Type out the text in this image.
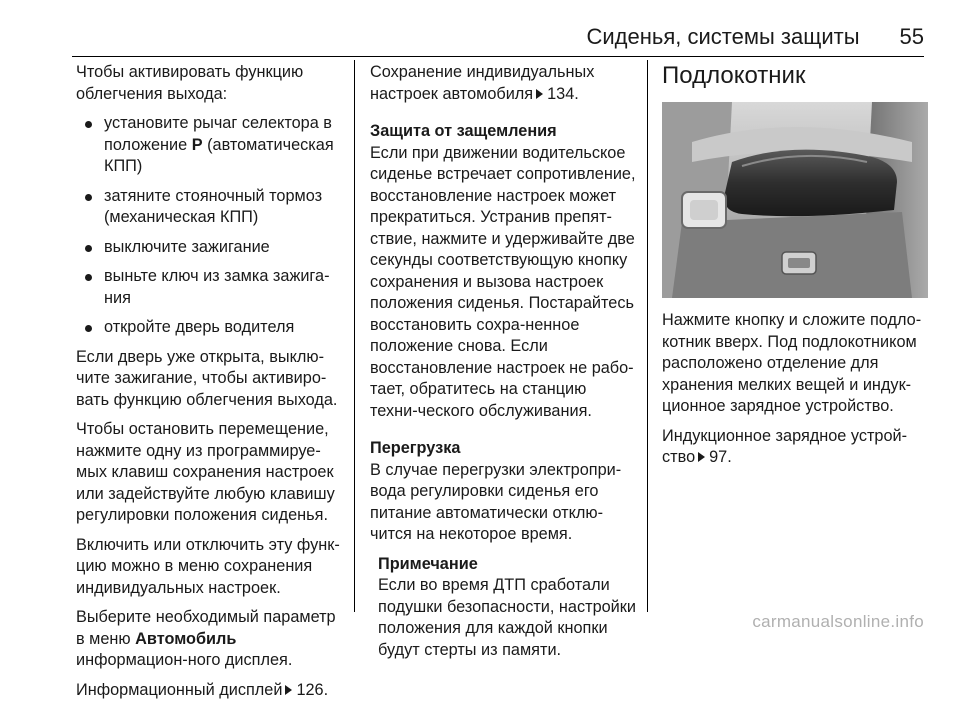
Сиденья, системы защиты 55

Чтобы активировать функцию облегчения выхода:

установите рычаг селектора в положение P (автоматическая КПП)
затяните стояночный тормоз (механическая КПП)
выключите зажигание
выньте ключ из замка зажига-ния
откройте дверь водителя

Если дверь уже открыта, выклю-чите зажигание, чтобы активиро-вать функцию облегчения выхода.

Чтобы остановить перемещение, нажмите одну из программируе-мых клавиш сохранения настроек или задействуйте любую клавишу регулировки положения сиденья.

Включить или отключить эту функ-цию можно в меню сохранения индивидуальных настроек.

Выберите необходимый параметр в меню Автомобиль информацион-ного дисплея.

Информационный дисплей 126.

Сохранение индивидуальных настроек автомобиля 134.

Защита от защемления

Если при движении водительское сиденье встречает сопротивление, восстановление настроек может прекратиться. Устранив препят-ствие, нажмите и удерживайте две секунды соответствующую кнопку сохранения и вызова настроек положения сиденья. Постарайтесь восстановить сохра-ненное положение снова. Если восстановление настроек не рабо-тает, обратитесь на станцию техни-ческого обслуживания.

Перегрузка

В случае перегрузки электропри-вода регулировки сиденья его питание автоматически отклю-чится на некоторое время.

Примечание

Если во время ДТП сработали подушки безопасности, настройки положения для каждой кнопки будут стерты из памяти.

Подлокотник

Нажмите кнопку и сложите подло-котник вверх. Под подлокотником расположено отделение для хранения мелких вещей и индук-ционное зарядное устройство.

Индукционное зарядное устрой-ство 97.

carmanualsonline.info
